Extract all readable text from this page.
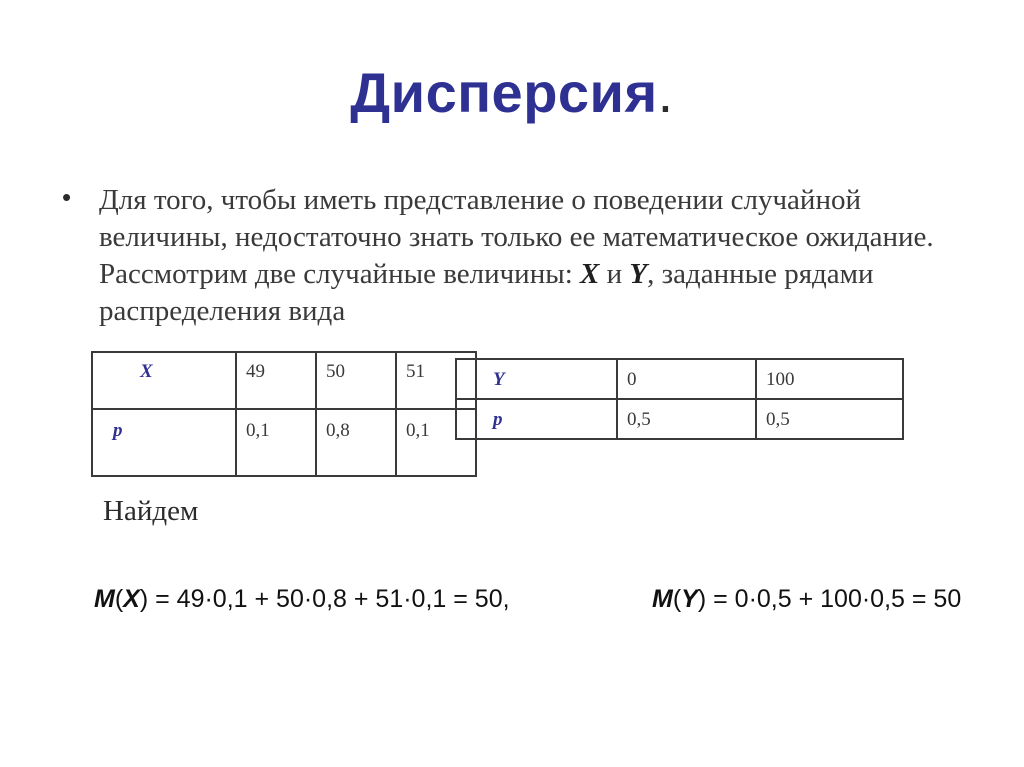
Дисперсия.
• Для того, чтобы иметь представление о поведении случайной величины, недостаточно знать только ее математическое ожидание. Рассмотрим две случайные величины: X и Y, заданные рядами распределения вида
X	49	50	51
p	0,1	0,8	0,1
Y	0	100
p	0,5	0,5
Найдем
M(X) = 49·0,1 + 50·0,8 + 51·0,1 = 50,	M(Y) = 0·0,5 + 100·0,5 = 50
